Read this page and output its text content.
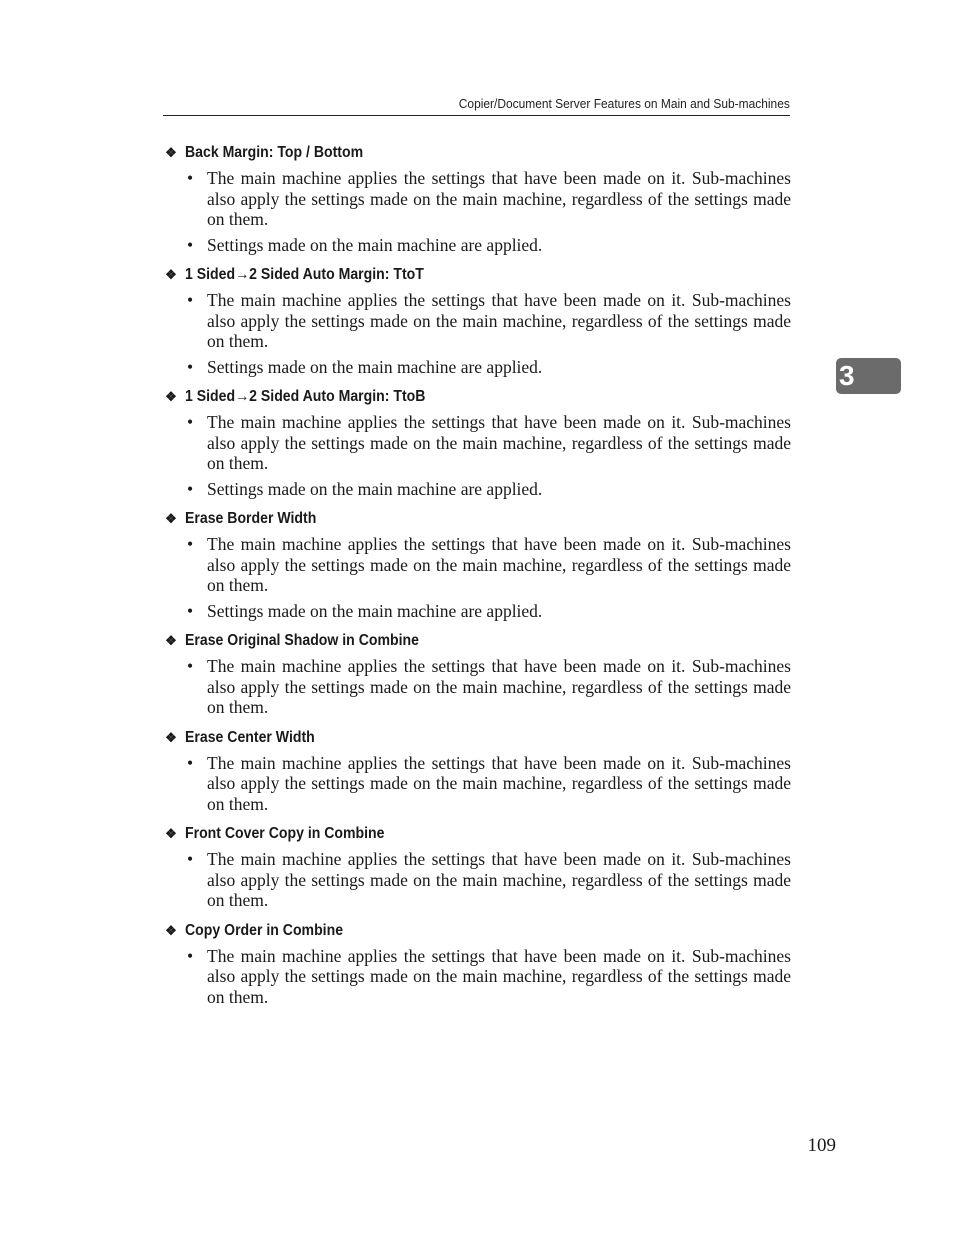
Copier/Document Server Features on Main and Sub-machines
3
❖ Back Margin: Top / Bottom
• The main machine applies the settings that have been made on it. Sub-machines also apply the settings made on the main machine, regardless of the settings made on them.
• Settings made on the main machine are applied.
❖ 1 Sided→2 Sided Auto Margin: TtoT
• The main machine applies the settings that have been made on it. Sub-machines also apply the settings made on the main machine, regardless of the settings made on them.
• Settings made on the main machine are applied.
❖ 1 Sided→2 Sided Auto Margin: TtoB
• The main machine applies the settings that have been made on it. Sub-machines also apply the settings made on the main machine, regardless of the settings made on them.
• Settings made on the main machine are applied.
❖ Erase Border Width
• The main machine applies the settings that have been made on it. Sub-machines also apply the settings made on the main machine, regardless of the settings made on them.
• Settings made on the main machine are applied.
❖ Erase Original Shadow in Combine
• The main machine applies the settings that have been made on it. Sub-machines also apply the settings made on the main machine, regardless of the settings made on them.
❖ Erase Center Width
• The main machine applies the settings that have been made on it. Sub-machines also apply the settings made on the main machine, regardless of the settings made on them.
❖ Front Cover Copy in Combine
• The main machine applies the settings that have been made on it. Sub-machines also apply the settings made on the main machine, regardless of the settings made on them.
❖ Copy Order in Combine
• The main machine applies the settings that have been made on it. Sub-machines also apply the settings made on the main machine, regardless of the settings made on them.
109
